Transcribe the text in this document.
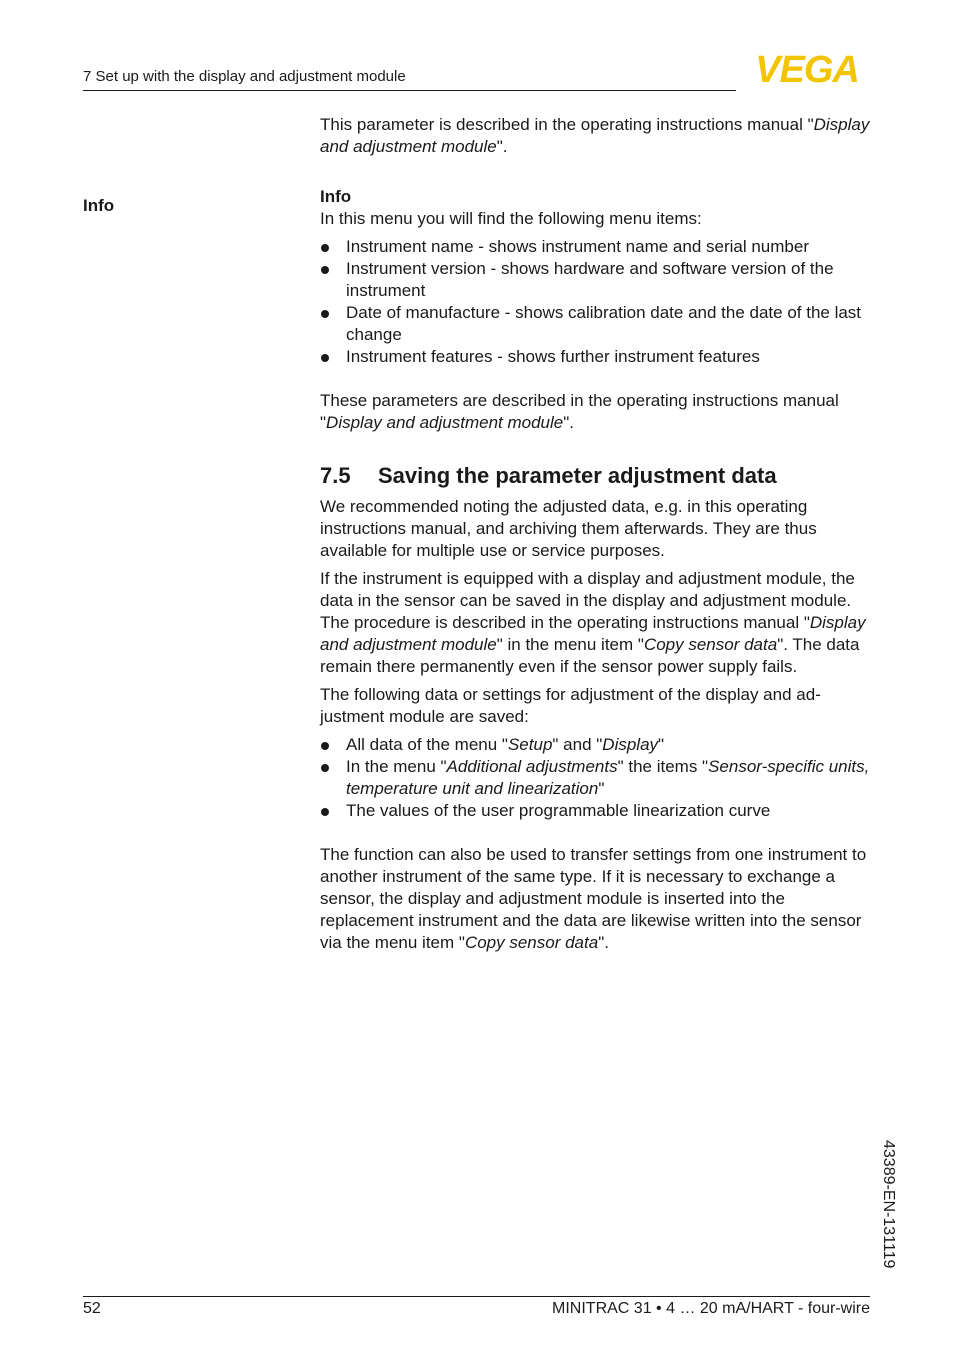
7 Set up with the display and adjustment module	VEGA
Info

This parameter is described in the operating instructions manual "Display and adjustment module".

Info

In this menu you will find the following menu items:

Instrument name - shows instrument name and serial number
Instrument version - shows hardware and software version of the instrument
Date of manufacture - shows calibration date and the date of the last change
Instrument features - shows further instrument features

These parameters are described in the operating instructions manual "Display and adjustment module".

7.5 Saving the parameter adjustment data

We recommended noting the adjusted data, e.g. in this operating instructions manual, and archiving them afterwards. They are thus available for multiple use or service purposes.

If the instrument is equipped with a display and adjustment module, the data in the sensor can be saved in the display and adjustment module. The procedure is described in the operating instructions manual "Display and adjustment module" in the menu item "Copy sensor data". The data remain there permanently even if the sensor power supply fails.

The following data or settings for adjustment of the display and adjustment module are saved:

All data of the menu "Setup" and "Display"
In the menu "Additional adjustments" the items "Sensor-specific units, temperature unit and linearization"
The values of the user programmable linearization curve

The function can also be used to transfer settings from one instrument to another instrument of the same type. If it is necessary to exchange a sensor, the display and adjustment module is inserted into the replacement instrument and the data are likewise written into the sensor via the menu item "Copy sensor data".

43389-EN-131119
52	MINITRAC 31 • 4 … 20 mA/HART - four-wire
